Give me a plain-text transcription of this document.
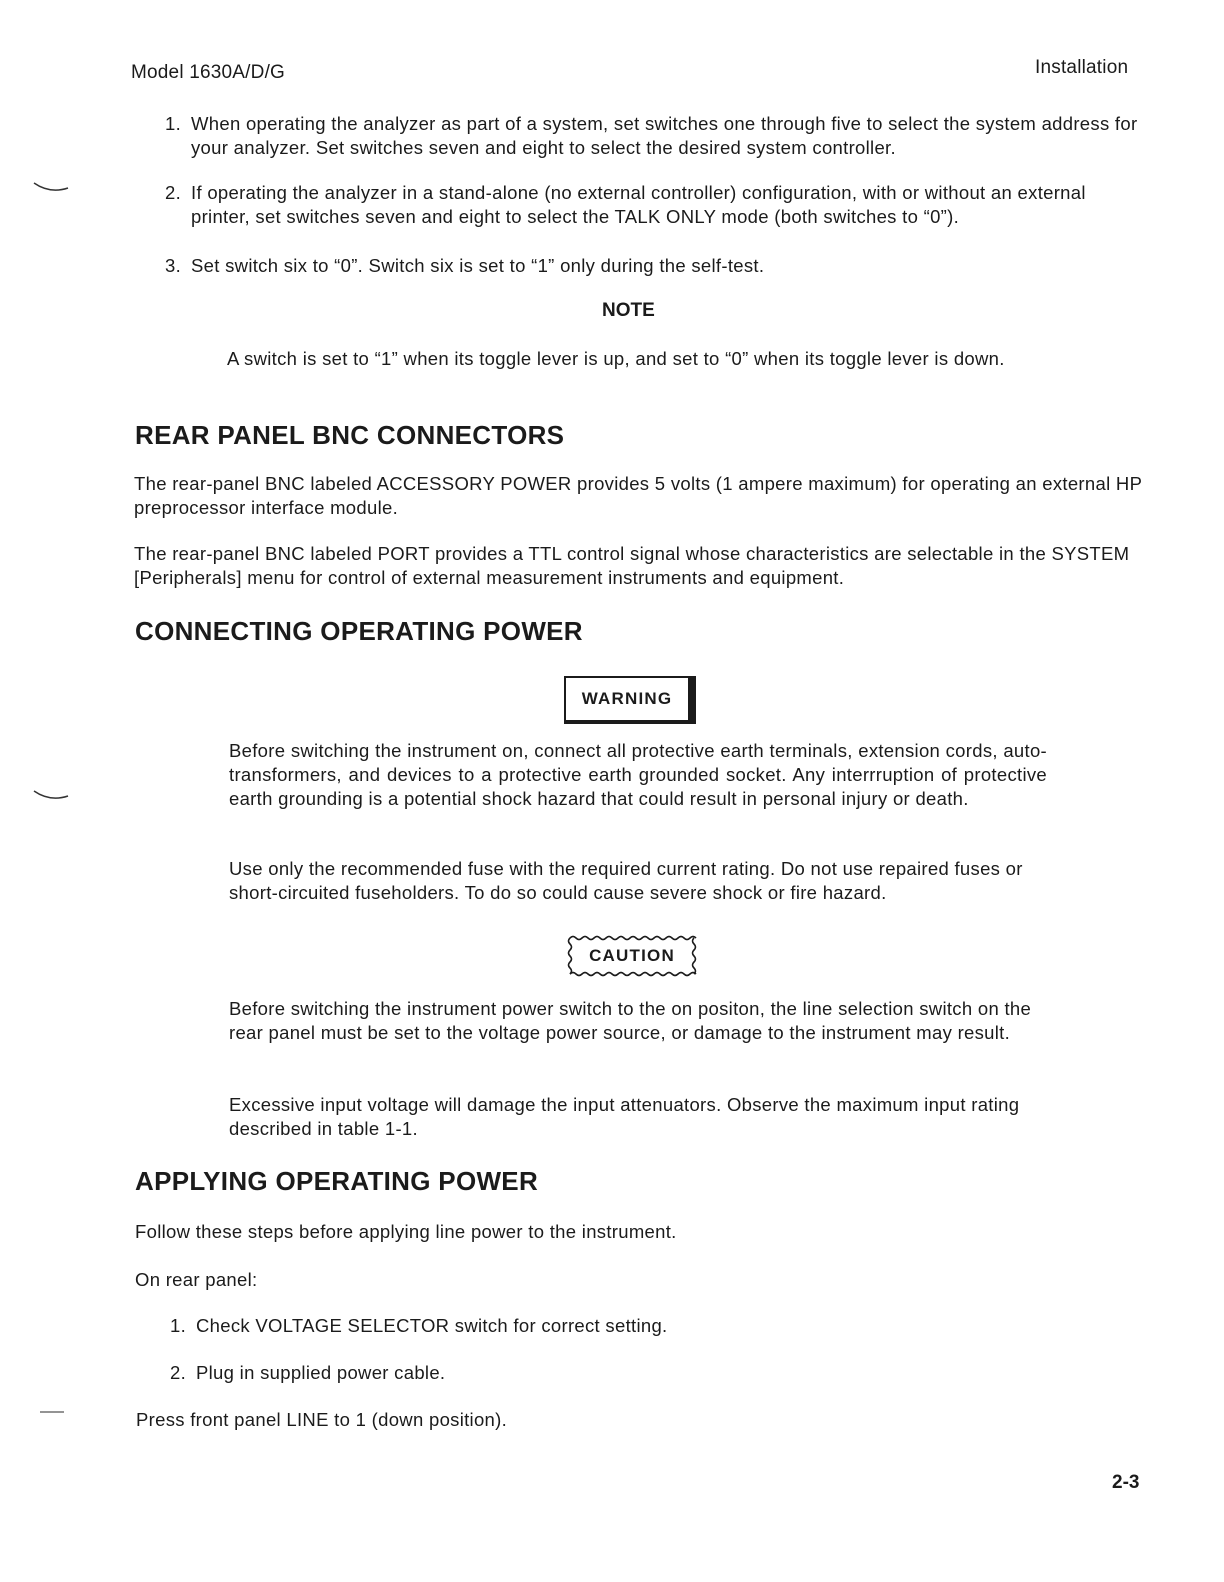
Model 1630A/D/G	Installation
1. When operating the analyzer as part of a system, set switches one through five to select the system address for your analyzer. Set switches seven and eight to select the desired system controller.
2. If operating the analyzer in a stand-alone (no external controller) configuration, with or without an external printer, set switches seven and eight to select the TALK ONLY mode (both switches to “0”).
3. Set switch six to “0”. Switch six is set to “1” only during the self-test.
NOTE
A switch is set to “1” when its toggle lever is up, and set to “0” when its toggle lever is down.
REAR PANEL BNC CONNECTORS
The rear-panel BNC labeled ACCESSORY POWER provides 5 volts (1 ampere maximum) for operating an external HP preprocessor interface module.
The rear-panel BNC labeled PORT provides a TTL control signal whose characteristics are selectable in the SYSTEM [Peripherals] menu for control of external measurement instruments and equipment.
CONNECTING OPERATING POWER
WARNING
Before switching the instrument on, connect all protective earth terminals, extension cords, auto-transformers, and devices to a protective earth grounded socket. Any interrruption of protective earth grounding is a potential shock hazard that could result in personal injury or death.
Use only the recommended fuse with the required current rating. Do not use repaired fuses or short-circuited fuseholders. To do so could cause severe shock or fire hazard.
CAUTION
Before switching the instrument power switch to the on positon, the line selection switch on the rear panel must be set to the voltage power source, or damage to the instrument may result.
Excessive input voltage will damage the input attenuators. Observe the maximum input rating described in table 1-1.
APPLYING OPERATING POWER
Follow these steps before applying line power to the instrument.
On rear panel:
1. Check VOLTAGE SELECTOR switch for correct setting.
2. Plug in supplied power cable.
Press front panel LINE to 1 (down position).
2-3
